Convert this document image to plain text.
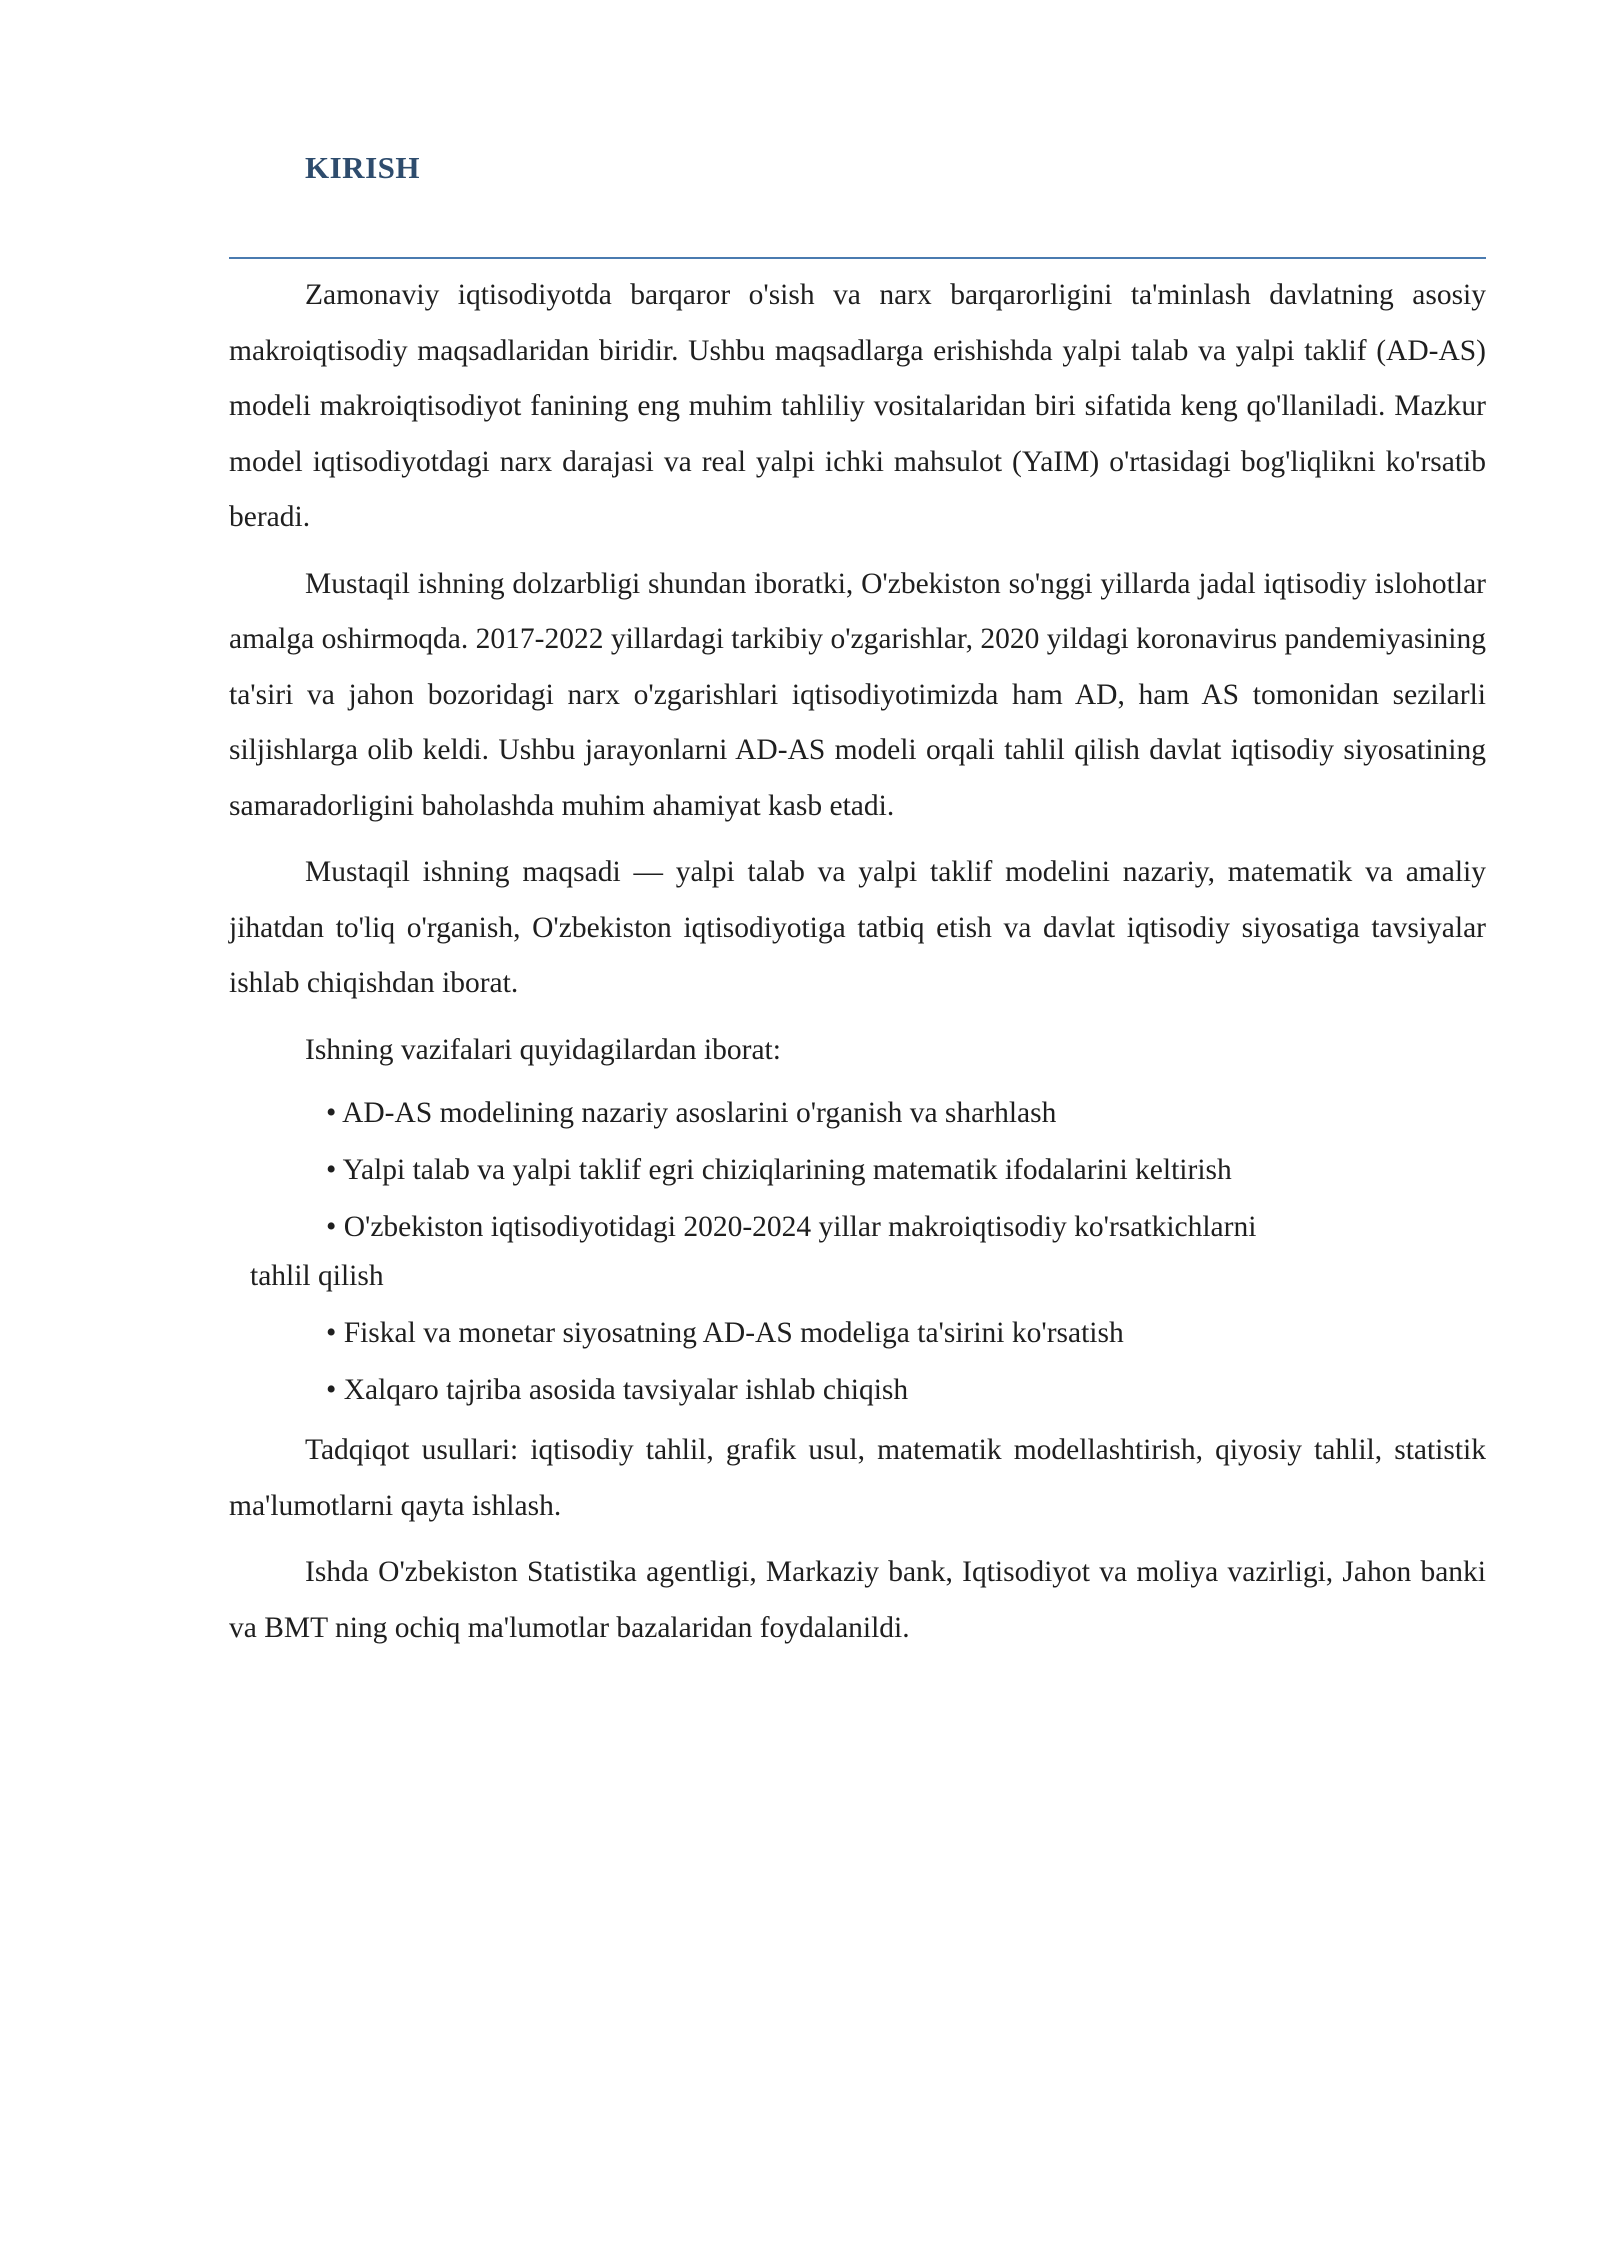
KIRISH

Zamonaviy iqtisodiyotda barqaror o'sish va narx barqarorligini ta'minlash davlatning asosiy makroiqtisodiy maqsadlaridan biridir. Ushbu maqsadlarga erishishda yalpi talab va yalpi taklif (AD-AS) modeli makroiqtisodiyot fanining eng muhim tahliliy vositalaridan biri sifatida keng qo'llaniladi. Mazkur model iqtisodiyotdagi narx darajasi va real yalpi ichki mahsulot (YaIM) o'rtasidagi bog'liqlikni ko'rsatib beradi.

Mustaqil ishning dolzarbligi shundan iboratki, O'zbekiston so'nggi yillarda jadal iqtisodiy islohotlar amalga oshirmoqda. 2017-2022 yillardagi tarkibiy o'zgarishlar, 2020 yildagi koronavirus pandemiyasining ta'siri va jahon bozoridagi narx o'zgarishlari iqtisodiyotimizda ham AD, ham AS tomonidan sezilarli siljishlarga olib keldi. Ushbu jarayonlarni AD-AS modeli orqali tahlil qilish davlat iqtisodiy siyosatining samaradorligini baholashda muhim ahamiyat kasb etadi.

Mustaqil ishning maqsadi — yalpi talab va yalpi taklif modelini nazariy, matematik va amaliy jihatdan to'liq o'rganish, O'zbekiston iqtisodiyotiga tatbiq etish va davlat iqtisodiy siyosatiga tavsiyalar ishlab chiqishdan iborat.

Ishning vazifalari quyidagilardan iborat:

• AD-AS modelining nazariy asoslarini o'rganish va sharhlash
• Yalpi talab va yalpi taklif egri chiziqlarining matematik ifodalarini keltirish
• O'zbekiston iqtisodiyotidagi 2020-2024 yillar makroiqtisodiy ko'rsatkichlarni
tahlil qilish
• Fiskal va monetar siyosatning AD-AS modeliga ta'sirini ko'rsatish
• Xalqaro tajriba asosida tavsiyalar ishlab chiqish

Tadqiqot usullari: iqtisodiy tahlil, grafik usul, matematik modellashtirish, qiyosiy tahlil, statistik ma'lumotlarni qayta ishlash.

Ishda O'zbekiston Statistika agentligi, Markaziy bank, Iqtisodiyot va moliya vazirligi, Jahon banki va BMT ning ochiq ma'lumotlar bazalaridan foydalanildi.
